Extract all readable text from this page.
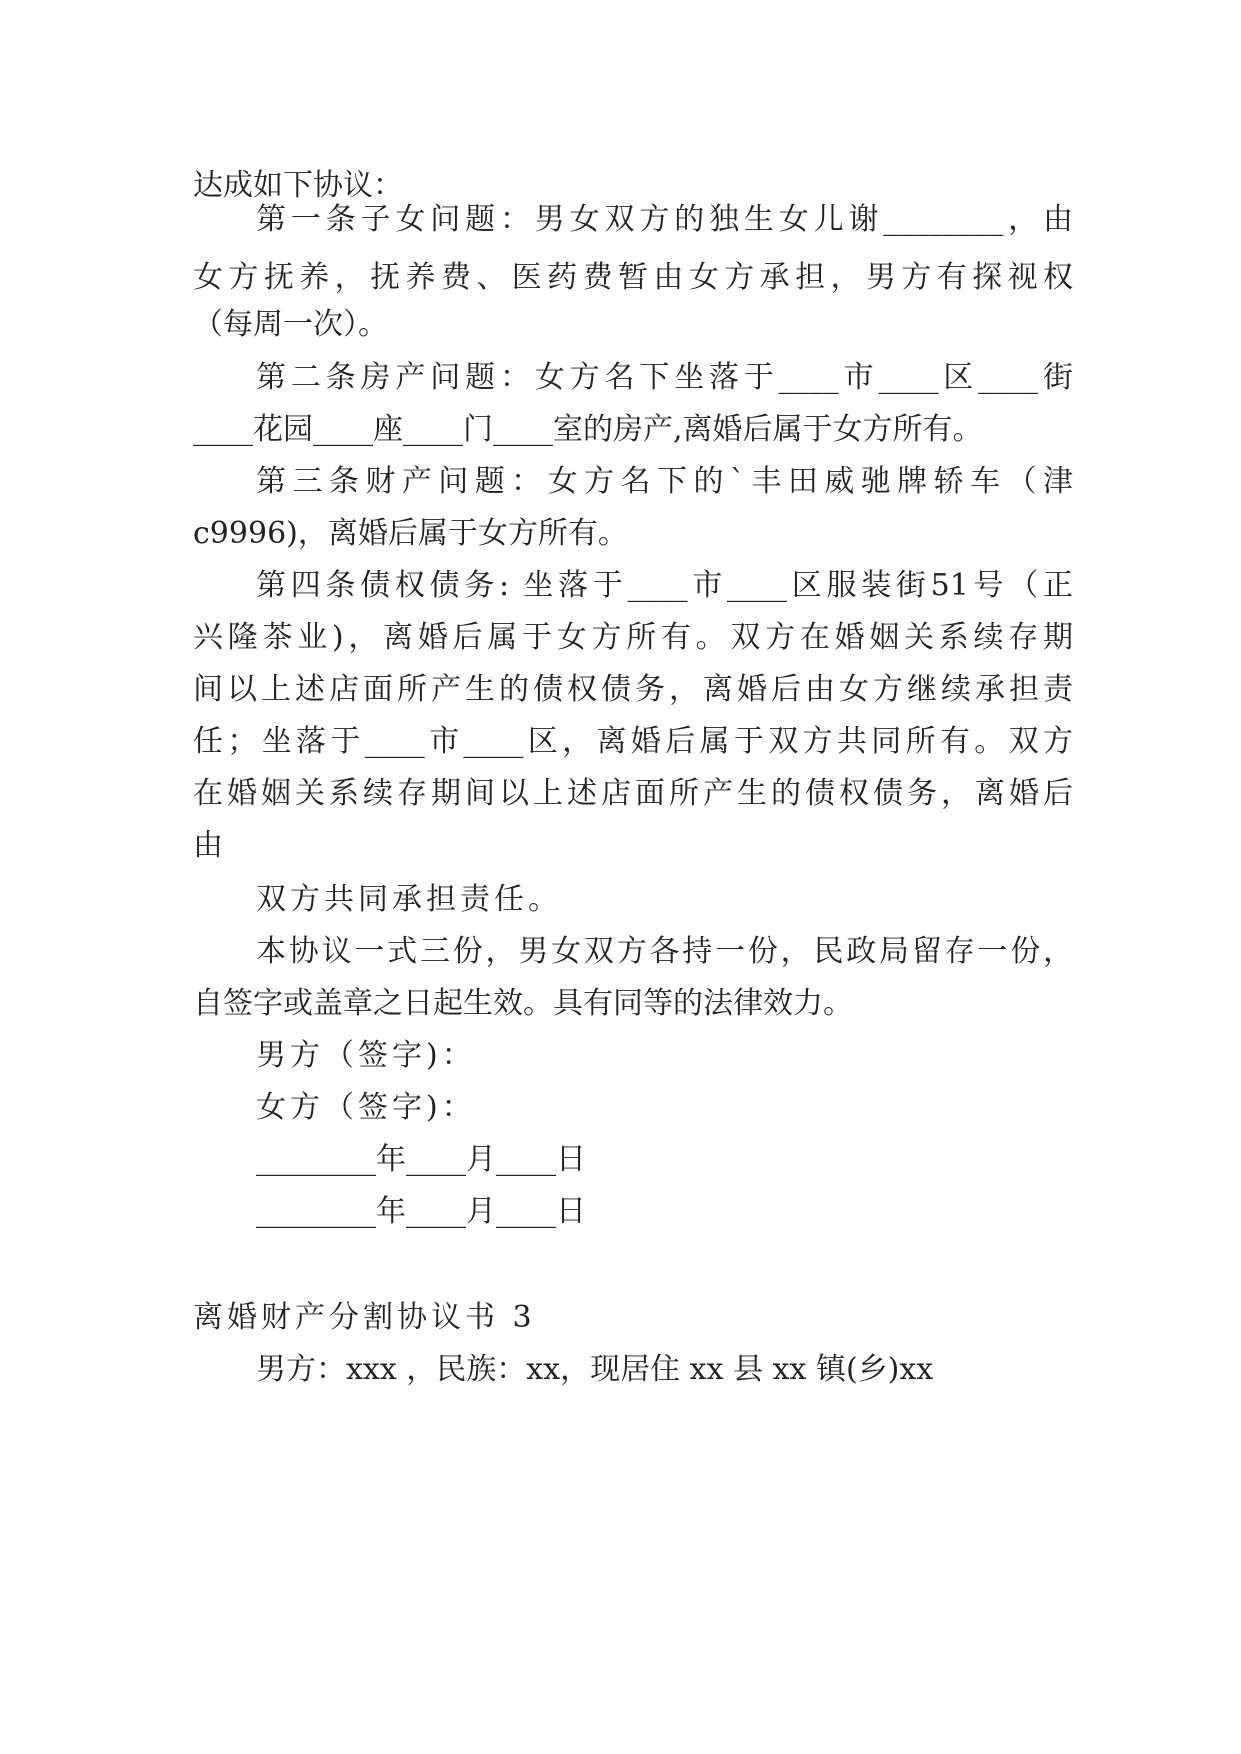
达成如下协议：
第一条子女问题：男女双方的独生女儿谢________，由
女方抚养，抚养费、医药费暂由女方承担，男方有探视权
（每周一次）。
第二条房产问题：女方名下坐落于____市____区____街
____花园____座____门____室的房产,离婚后属于女方所有。
第三条财产问题：女方名下的`丰田威驰牌轿车（津
c9996)，离婚后属于女方所有。
第四条债权债务: 坐落于____市____区服装街51号（正
兴隆茶业)，离婚后属于女方所有。双方在婚姻关系续存期
间以上述店面所产生的债权债务，离婚后由女方继续承担责
任；坐落于____市____区，离婚后属于双方共同所有。双方
在婚姻关系续存期间以上述店面所产生的债权债务，离婚后
由
双方共同承担责任。
本协议一式三份，男女双方各持一份，民政局留存一份，
自签字或盖章之日起生效。具有同等的法律效力。
男方（签字)：
女方（签字)：
________年____月____日
________年____月____日
离婚财产分割协议书 3
男方：xxx ，民族：xx，现居住 xx 县 xx 镇(乡)xx
